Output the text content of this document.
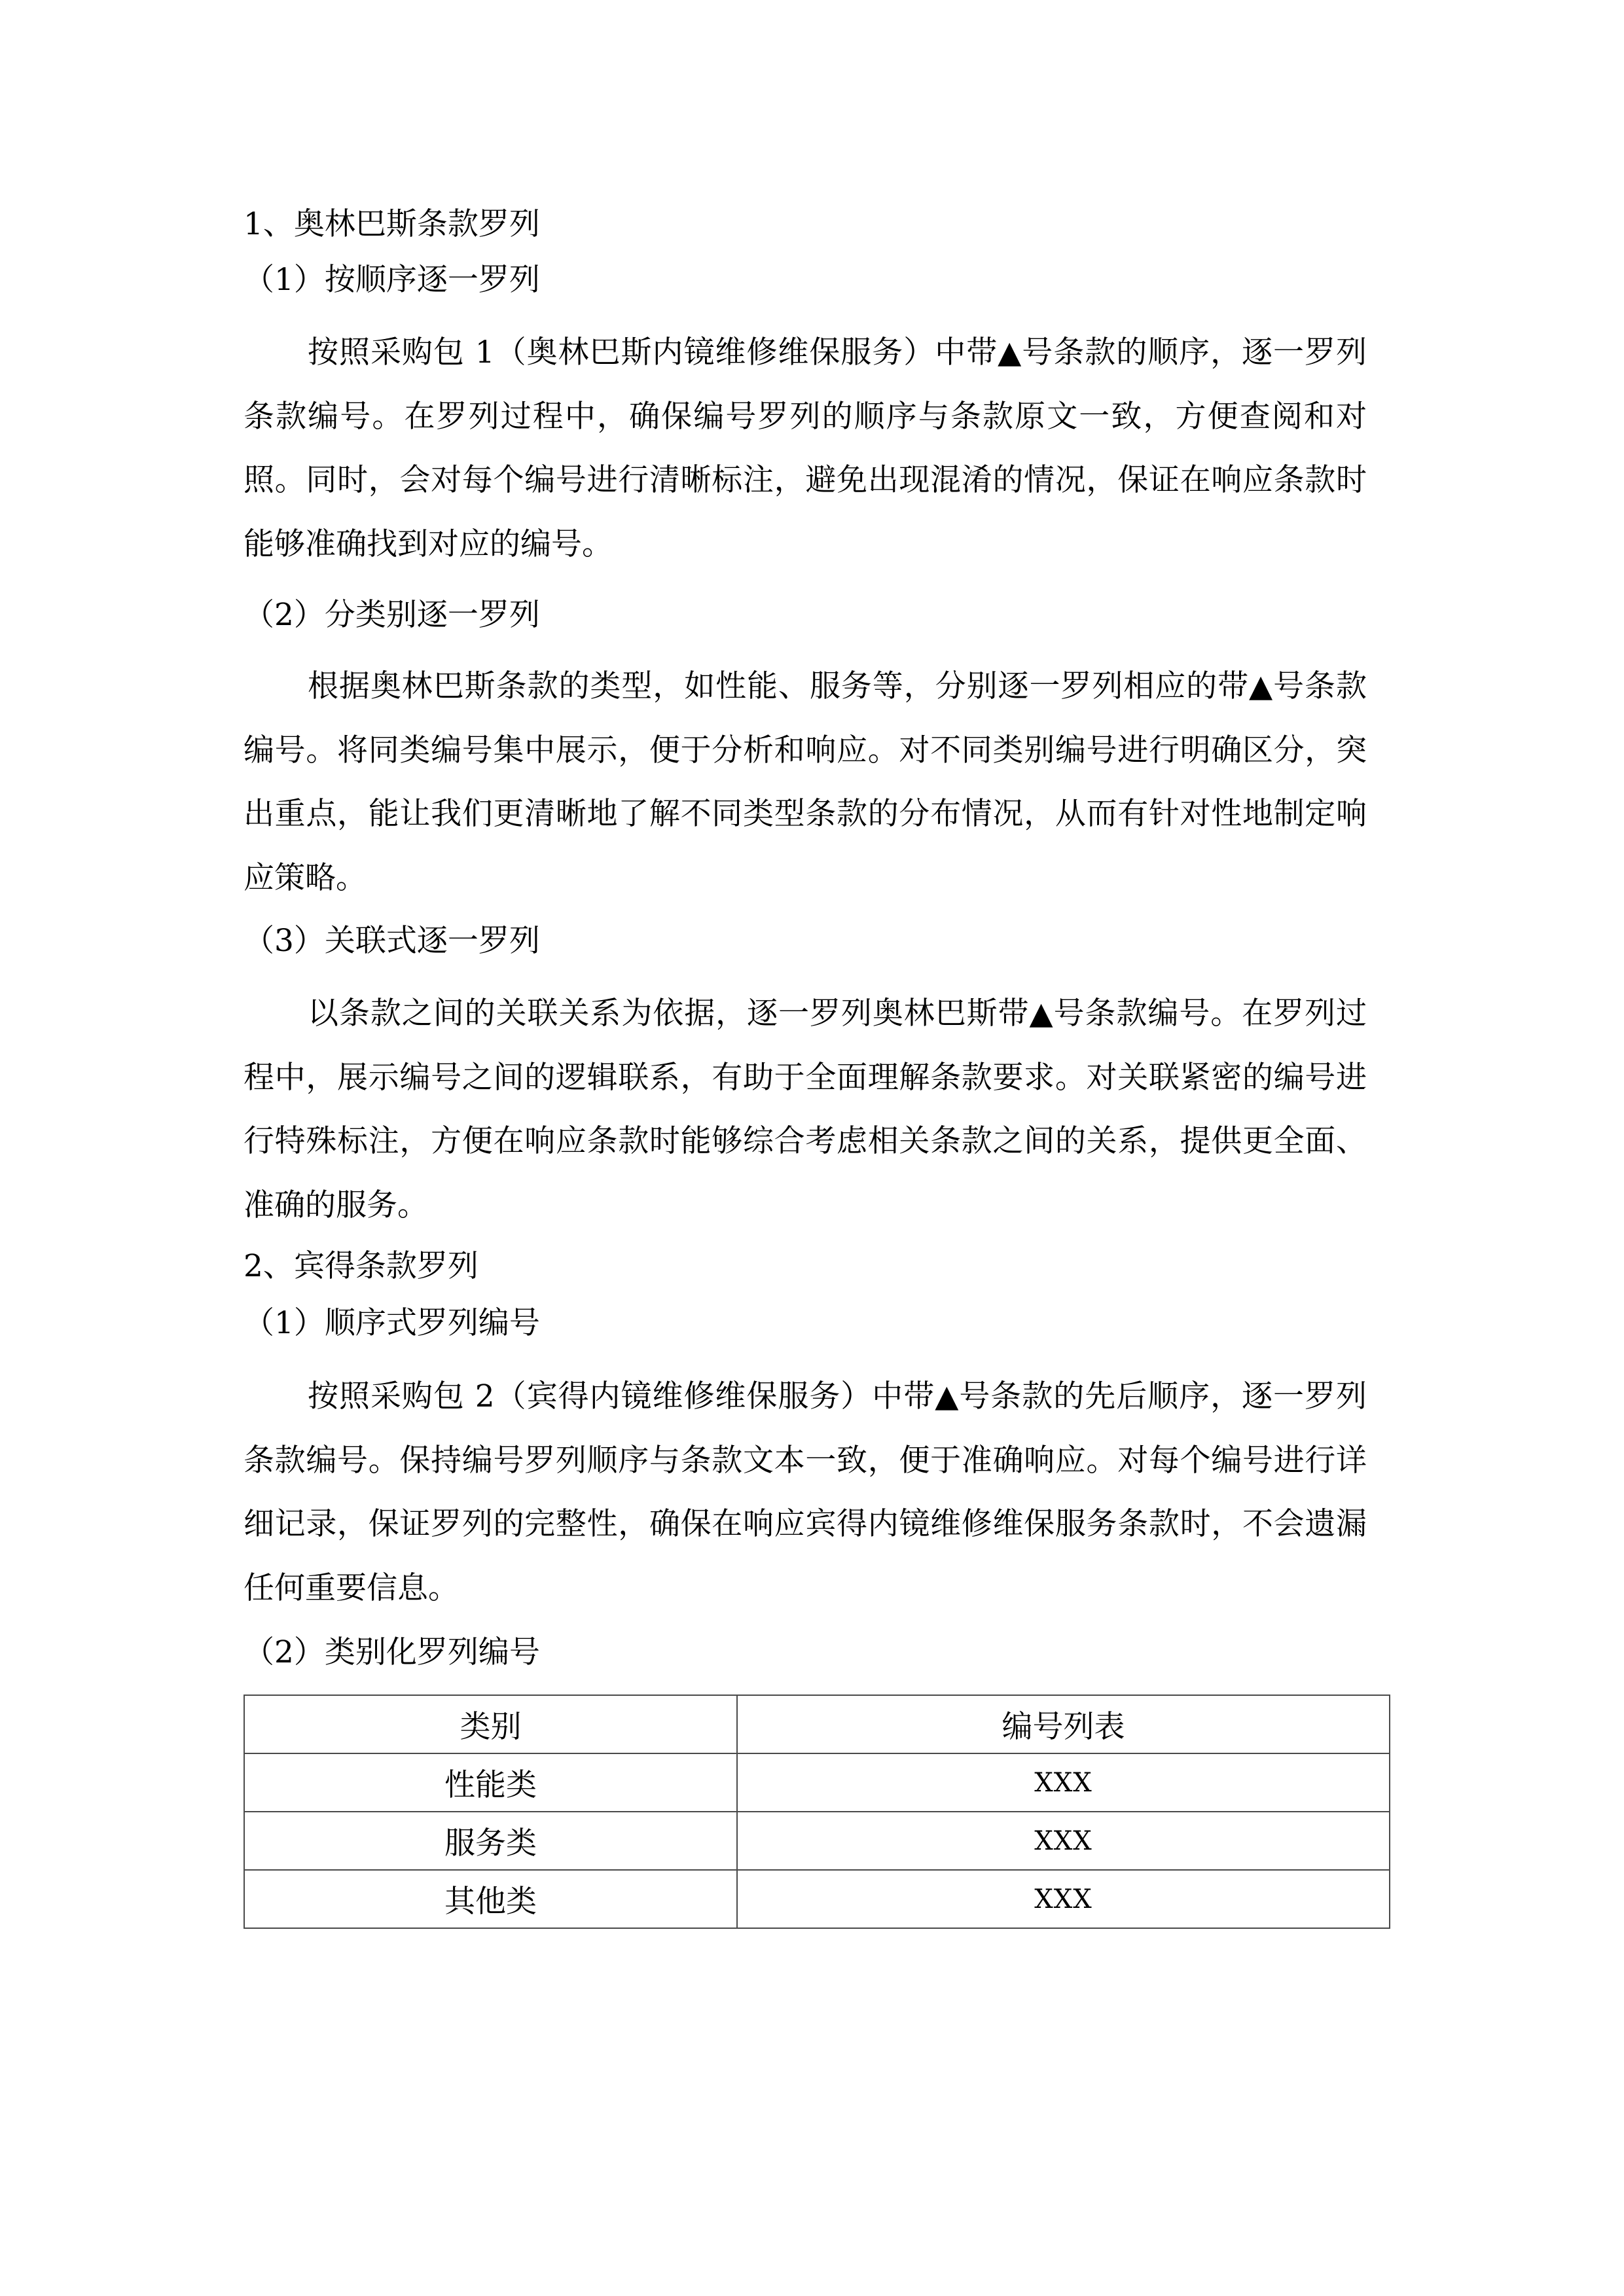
1、奥林巴斯条款罗列
（1）按顺序逐一罗列
按照采购包 1（奥林巴斯内镜维修维保服务）中带▲号条款的顺序，逐一罗列条款编号。在罗列过程中，确保编号罗列的顺序与条款原文一致，方便查阅和对照。同时，会对每个编号进行清晰标注，避免出现混淆的情况，保证在响应条款时能够准确找到对应的编号。
（2）分类别逐一罗列
根据奥林巴斯条款的类型，如性能、服务等，分别逐一罗列相应的带▲号条款编号。将同类编号集中展示，便于分析和响应。对不同类别编号进行明确区分，突出重点，能让我们更清晰地了解不同类型条款的分布情况，从而有针对性地制定响应策略。
（3）关联式逐一罗列
以条款之间的关联关系为依据，逐一罗列奥林巴斯带▲号条款编号。在罗列过程中，展示编号之间的逻辑联系，有助于全面理解条款要求。对关联紧密的编号进行特殊标注，方便在响应条款时能够综合考虑相关条款之间的关系，提供更全面、准确的服务。
2、宾得条款罗列
（1）顺序式罗列编号
按照采购包 2（宾得内镜维修维保服务）中带▲号条款的先后顺序，逐一罗列条款编号。保持编号罗列顺序与条款文本一致，便于准确响应。对每个编号进行详细记录，保证罗列的完整性，确保在响应宾得内镜维修维保服务条款时，不会遗漏任何重要信息。
（2）类别化罗列编号
类别	编号列表
性能类	XXX
服务类	XXX
其他类	XXX
